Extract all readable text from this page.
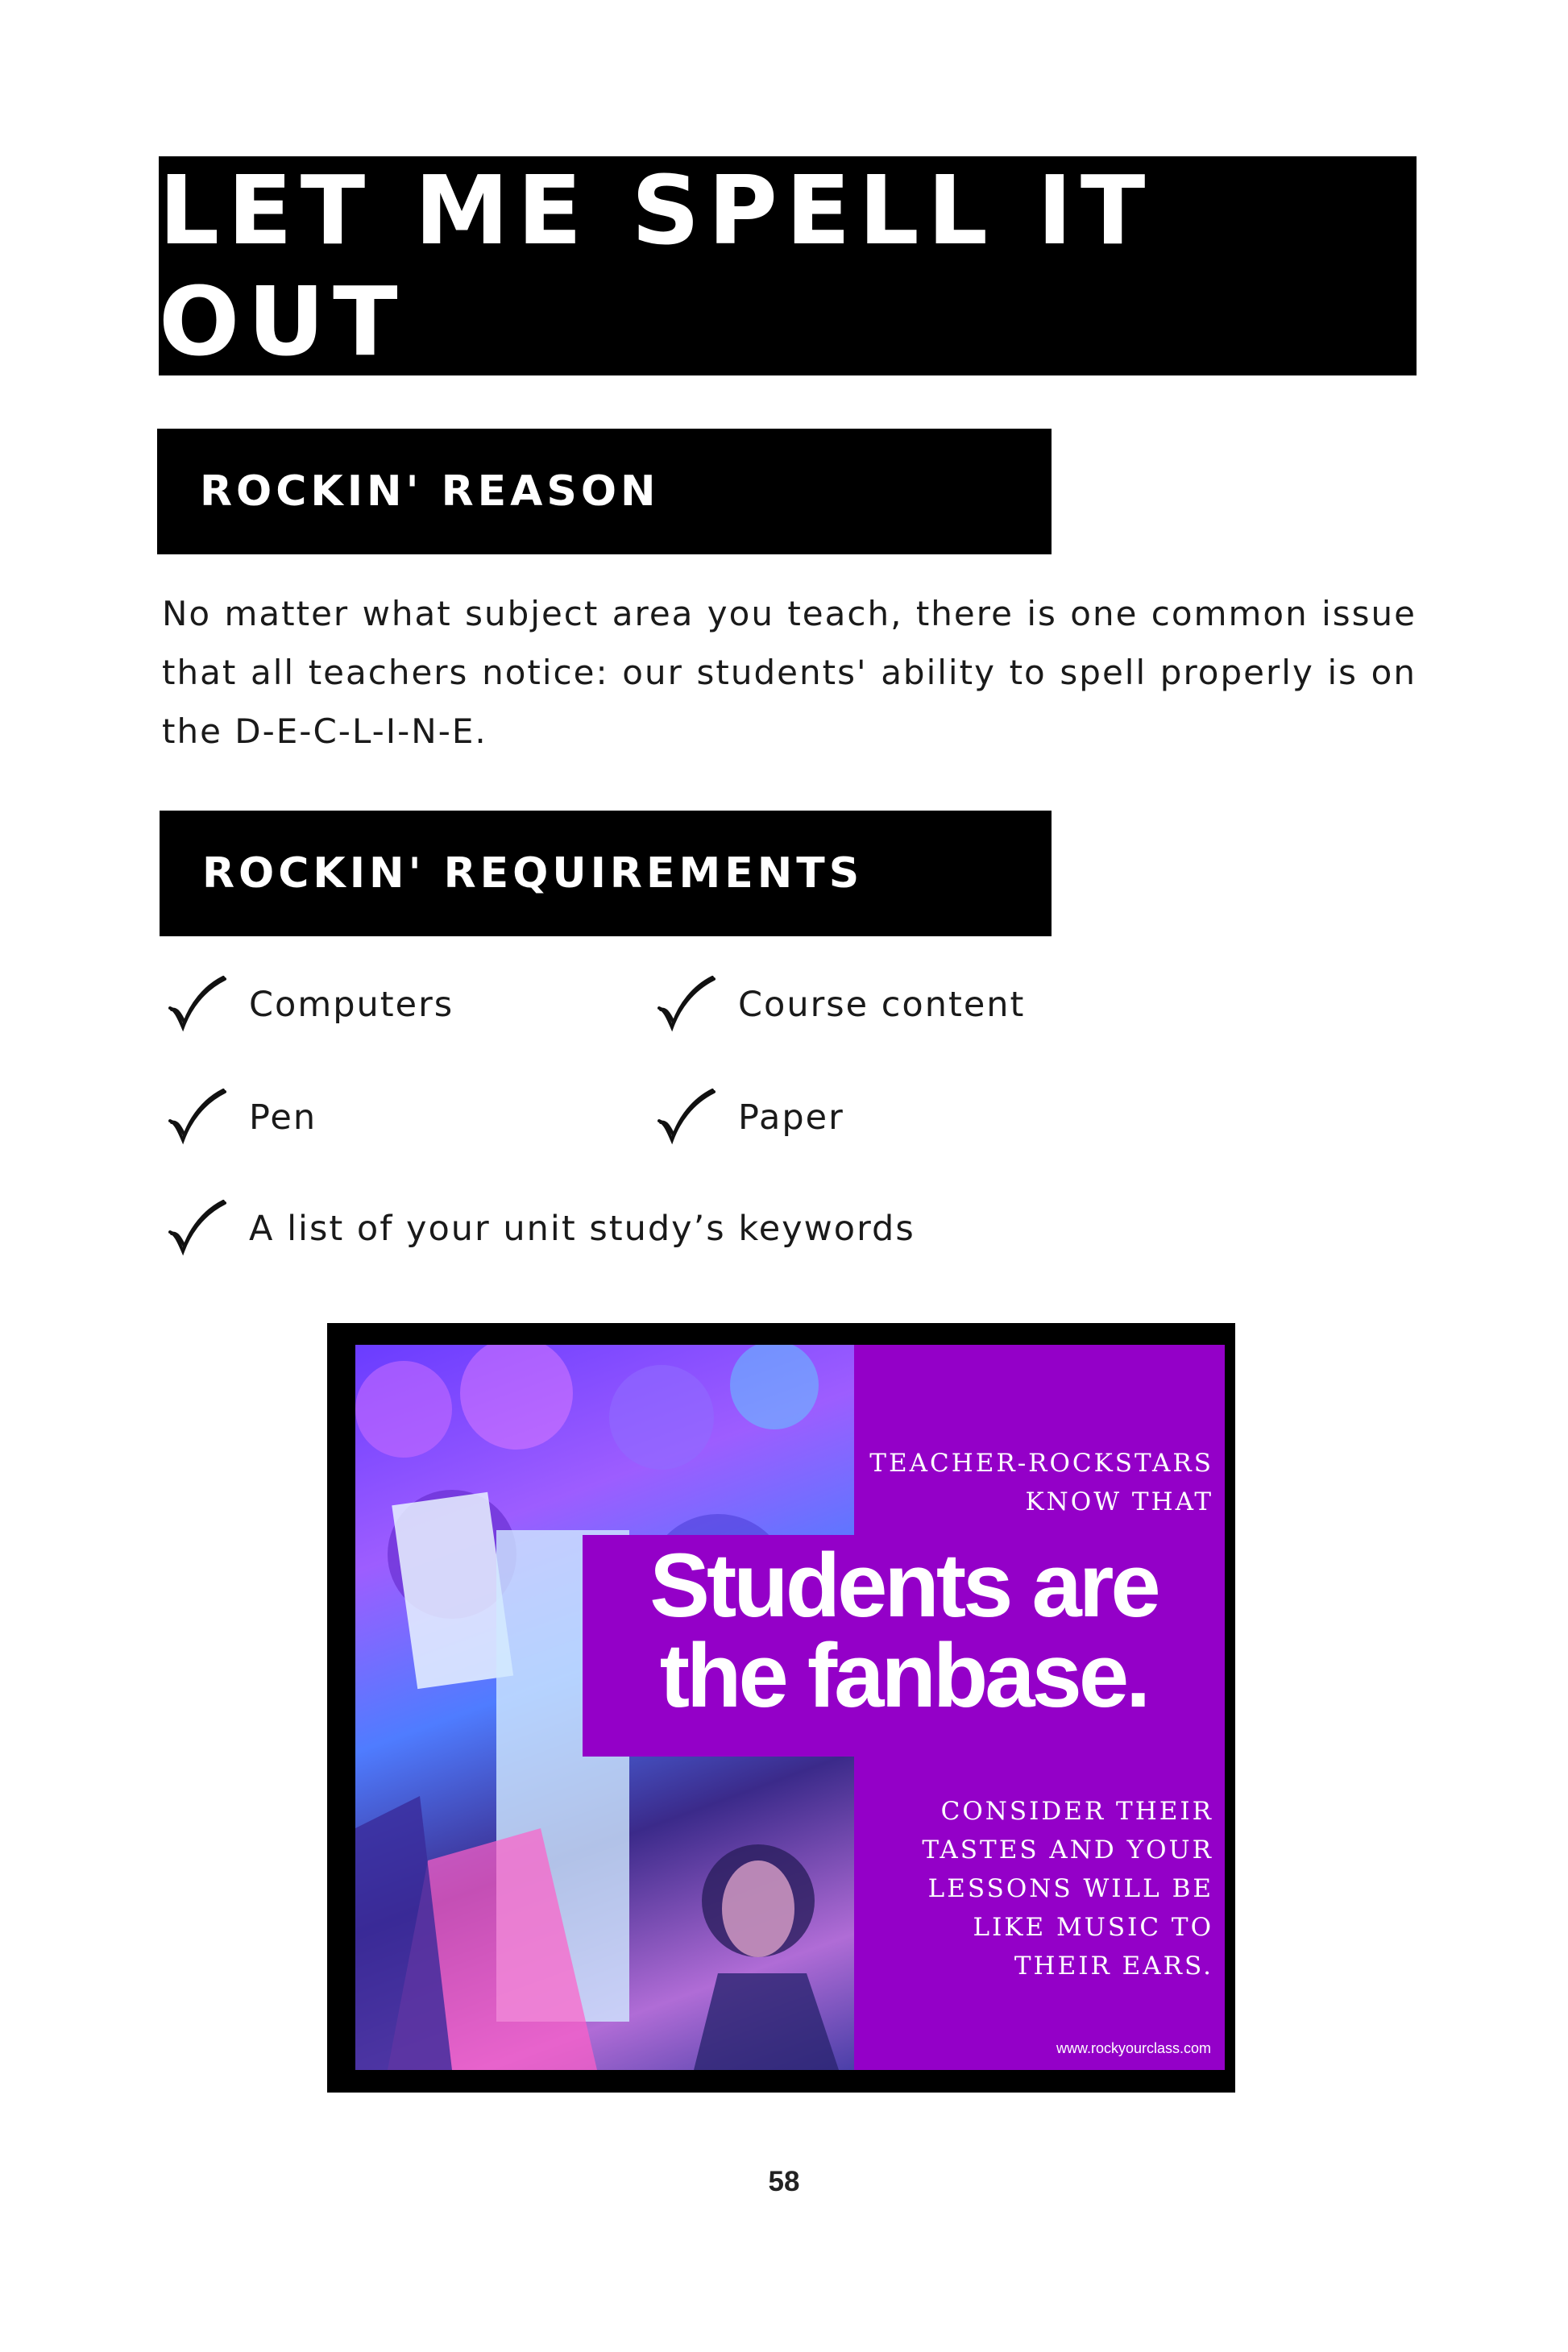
LET ME SPELL IT OUT
ROCKIN' REASON
No matter what subject area you teach, there is one common issue that all teachers notice: our students' ability to spell properly is on the D-E-C-L-I-N-E.
ROCKIN' REQUIREMENTS
Computers	Course content
Pen	Paper
A list of your unit study’s keywords
TEACHER-ROCKSTARS
KNOW THAT
Students are
the fanbase.
CONSIDER THEIR
TASTES AND YOUR
LESSONS WILL BE
LIKE MUSIC TO
THEIR EARS.
www.rockyourclass.com
58
